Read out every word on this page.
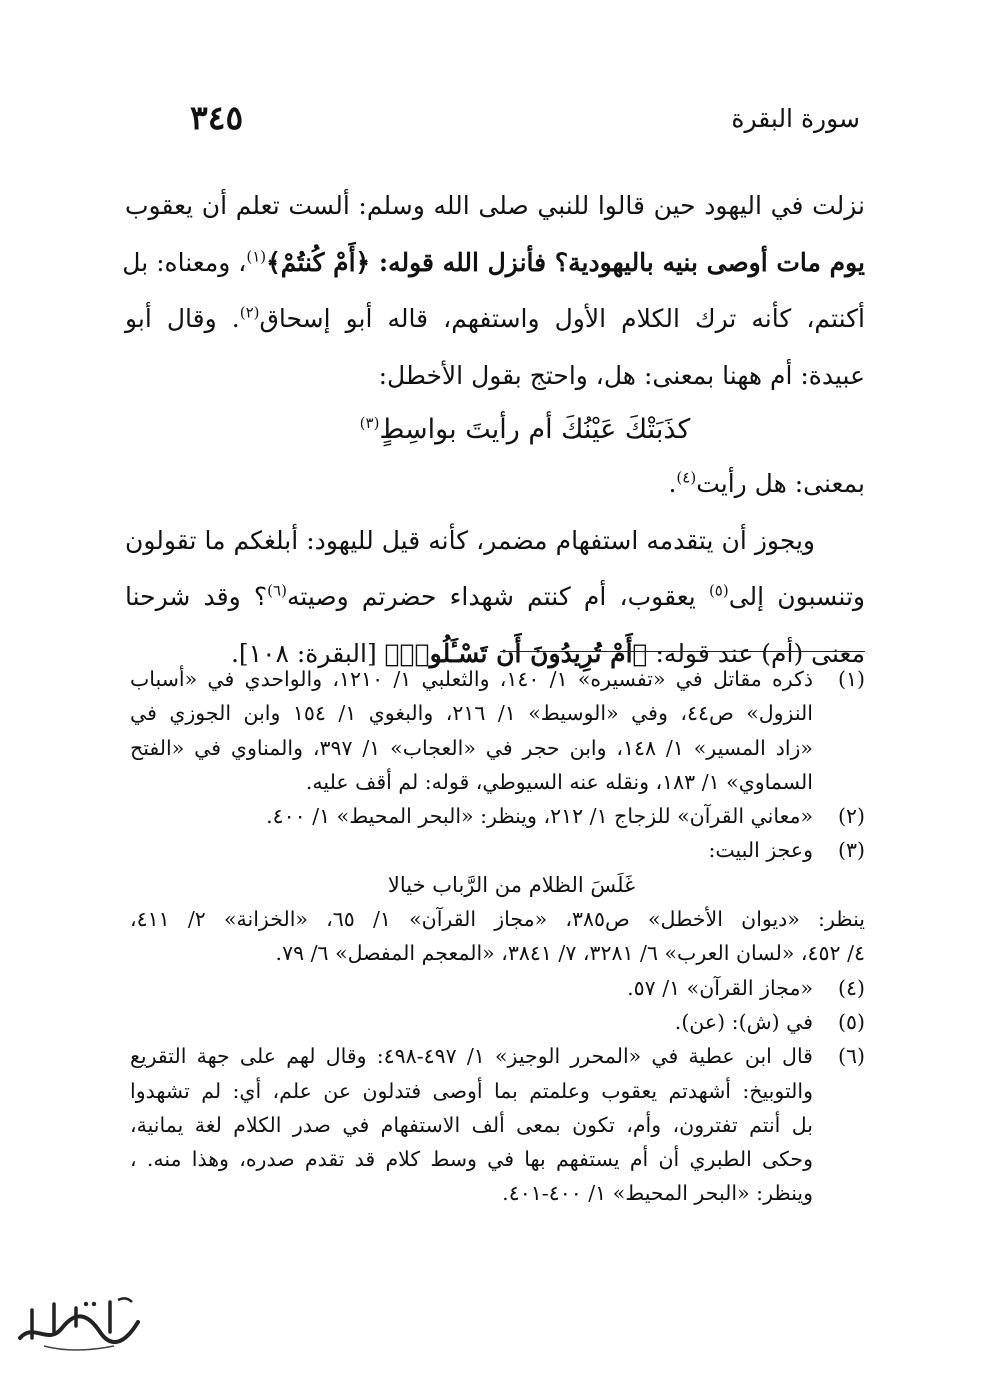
٣٤٥	سورة البقرة

نزلت في اليهود حين قالوا للنبي صلى الله وسلم: ألست تعلم أن يعقوب
يوم مات أوصى بنيه باليهودية؟ فأنزل الله قوله: ﴿أَمْ كُنتُمْ﴾$^{(١)}$، ومعناه: بل
أكنتم، كأنه ترك الكلام الأول واستفهم، قاله أبو إسحاق$^{(٢)}$. وقال أبو
عبيدة: أم ههنا بمعنى: هل، واحتج بقول الأخطل:

كذَبَتْكَ عَيْنُكَ أم رأيتَ بواسِطٍ$^{(٣)}$

بمعنى: هل رأيت$^{(٤)}$.

ويجوز أن يتقدمه استفهام مضمر، كأنه قيل لليهود: أبلغكم ما تقولون
وتنسبون إلى$^{(٥)}$ يعقوب، أم كنتم شهداء حضرتم وصيته$^{(٦)}$؟ وقد شرحنا
معنى (أم) عند قوله: ﴿أَمْ تُرِيدُونَ أَن تَسْـَٔلُوا۟﴾ [البقرة: ١٠٨].

(١)
ذكره مقاتل في «تفسيره» ١/ ١٤٠، والثعلبي ١/ ١٢١٠، والواحدي في «أسباب
النزول» ص٤٤، وفي «الوسيط» ١/ ٢١٦، والبغوي ١/ ١٥٤ وابن الجوزي في
«زاد المسير» ١/ ١٤٨، وابن حجر في «العجاب» ١/ ٣٩٧، والمناوي في «الفتح
السماوي» ١/ ١٨٣، ونقله عنه السيوطي، قوله: لم أقف عليه.

(٢)
«معاني القرآن» للزجاج ١/ ٢١٢، وينظر: «البحر المحيط» ١/ ٤٠٠.

(٣)
وعجز البيت:
غَلَسَ الظلام من الرَّباب خيالا

ينظر: «ديوان الأخطل» ص٣٨٥، «مجاز القرآن» ١/ ٦٥، «الخزانة» ٢/ ٤١١،
٤/ ٤٥٢، «لسان العرب» ٦/ ٣٢٨١، ٧/ ٣٨٤١، «المعجم المفصل» ٦/ ٧٩.

(٤)
«مجاز القرآن» ١/ ٥٧.

(٥)
في (ش): (عن).

(٦)
قال ابن عطية في «المحرر الوجيز» ١/ ٤٩٧-٤٩٨: وقال لهم على جهة التقريع
والتوبيخ: أشهدتم يعقوب وعلمتم بما أوصى فتدلون عن علم، أي: لم تشهدوا
بل أنتم تفترون، وأم، تكون بمعى ألف الاستفهام في صدر الكلام لغة يمانية،
وحكى الطبري أن أم يستفهم بها في وسط كلام قد تقدم صدره، وهذا منه. ،
وينظر: «البحر المحيط» ١/ ٤٠٠-٤٠١.
